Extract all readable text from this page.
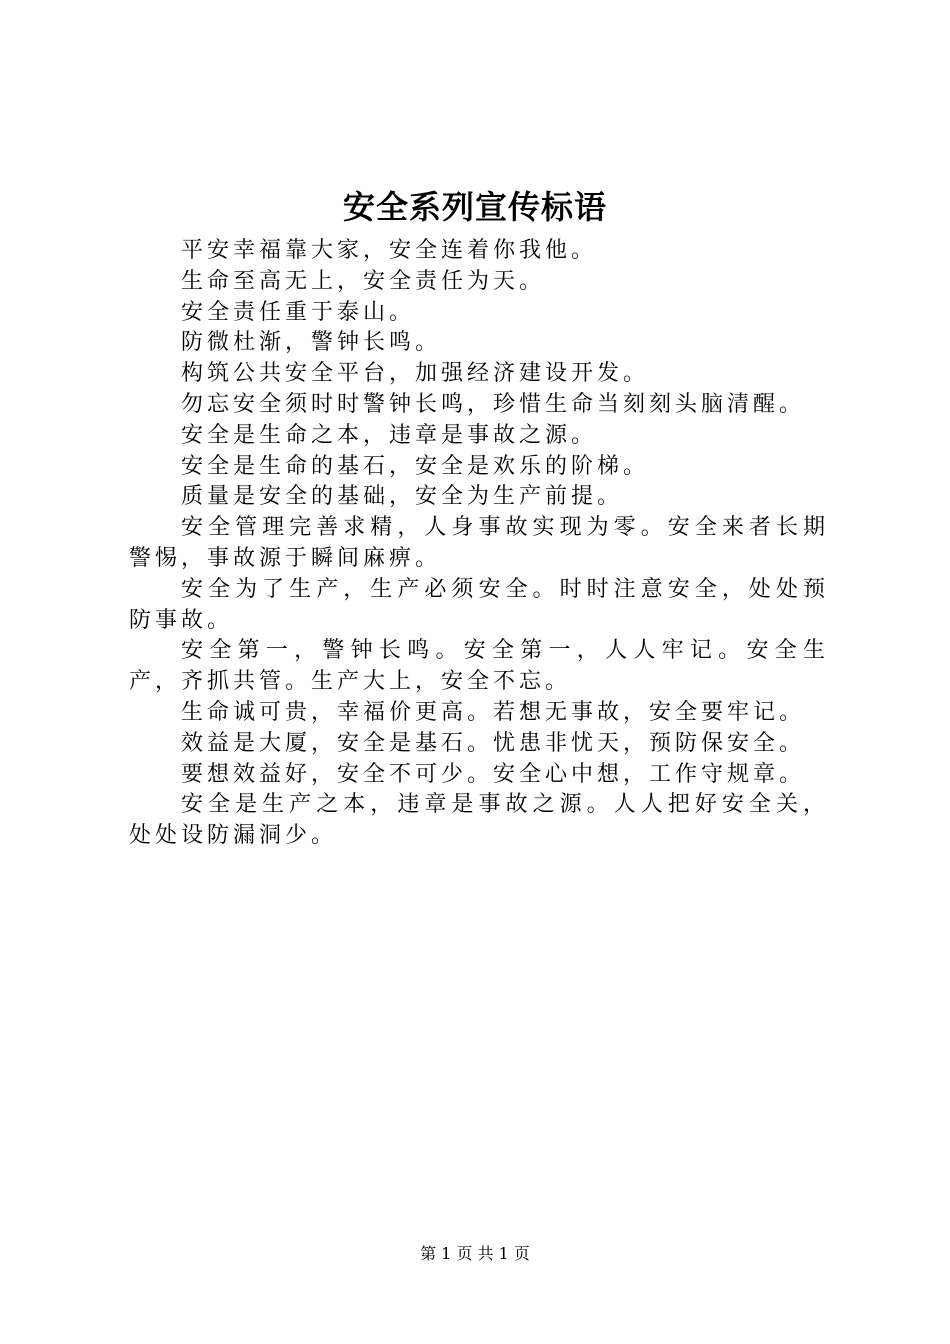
安全系列宣传标语

平安幸福靠大家，安全连着你我他。

生命至高无上，安全责任为天。

安全责任重于泰山。

防微杜渐，警钟长鸣。

构筑公共安全平台，加强经济建设开发。

勿忘安全须时时警钟长鸣，珍惜生命当刻刻头脑清醒。

安全是生命之本，违章是事故之源。

安全是生命的基石，安全是欢乐的阶梯。

质量是安全的基础，安全为生产前提。

安全管理完善求精，人身事故实现为零。安全来者长期警惕，事故源于瞬间麻痹。

安全为了生产，生产必须安全。时时注意安全，处处预防事故。

安全第一，警钟长鸣。安全第一，人人牢记。安全生产，齐抓共管。生产大上，安全不忘。

生命诚可贵，幸福价更高。若想无事故，安全要牢记。

效益是大厦，安全是基石。忧患非忧天，预防保安全。

要想效益好，安全不可少。安全心中想，工作守规章。

安全是生产之本，违章是事故之源。人人把好安全关，处处设防漏洞少。

第 1 页 共 1 页
